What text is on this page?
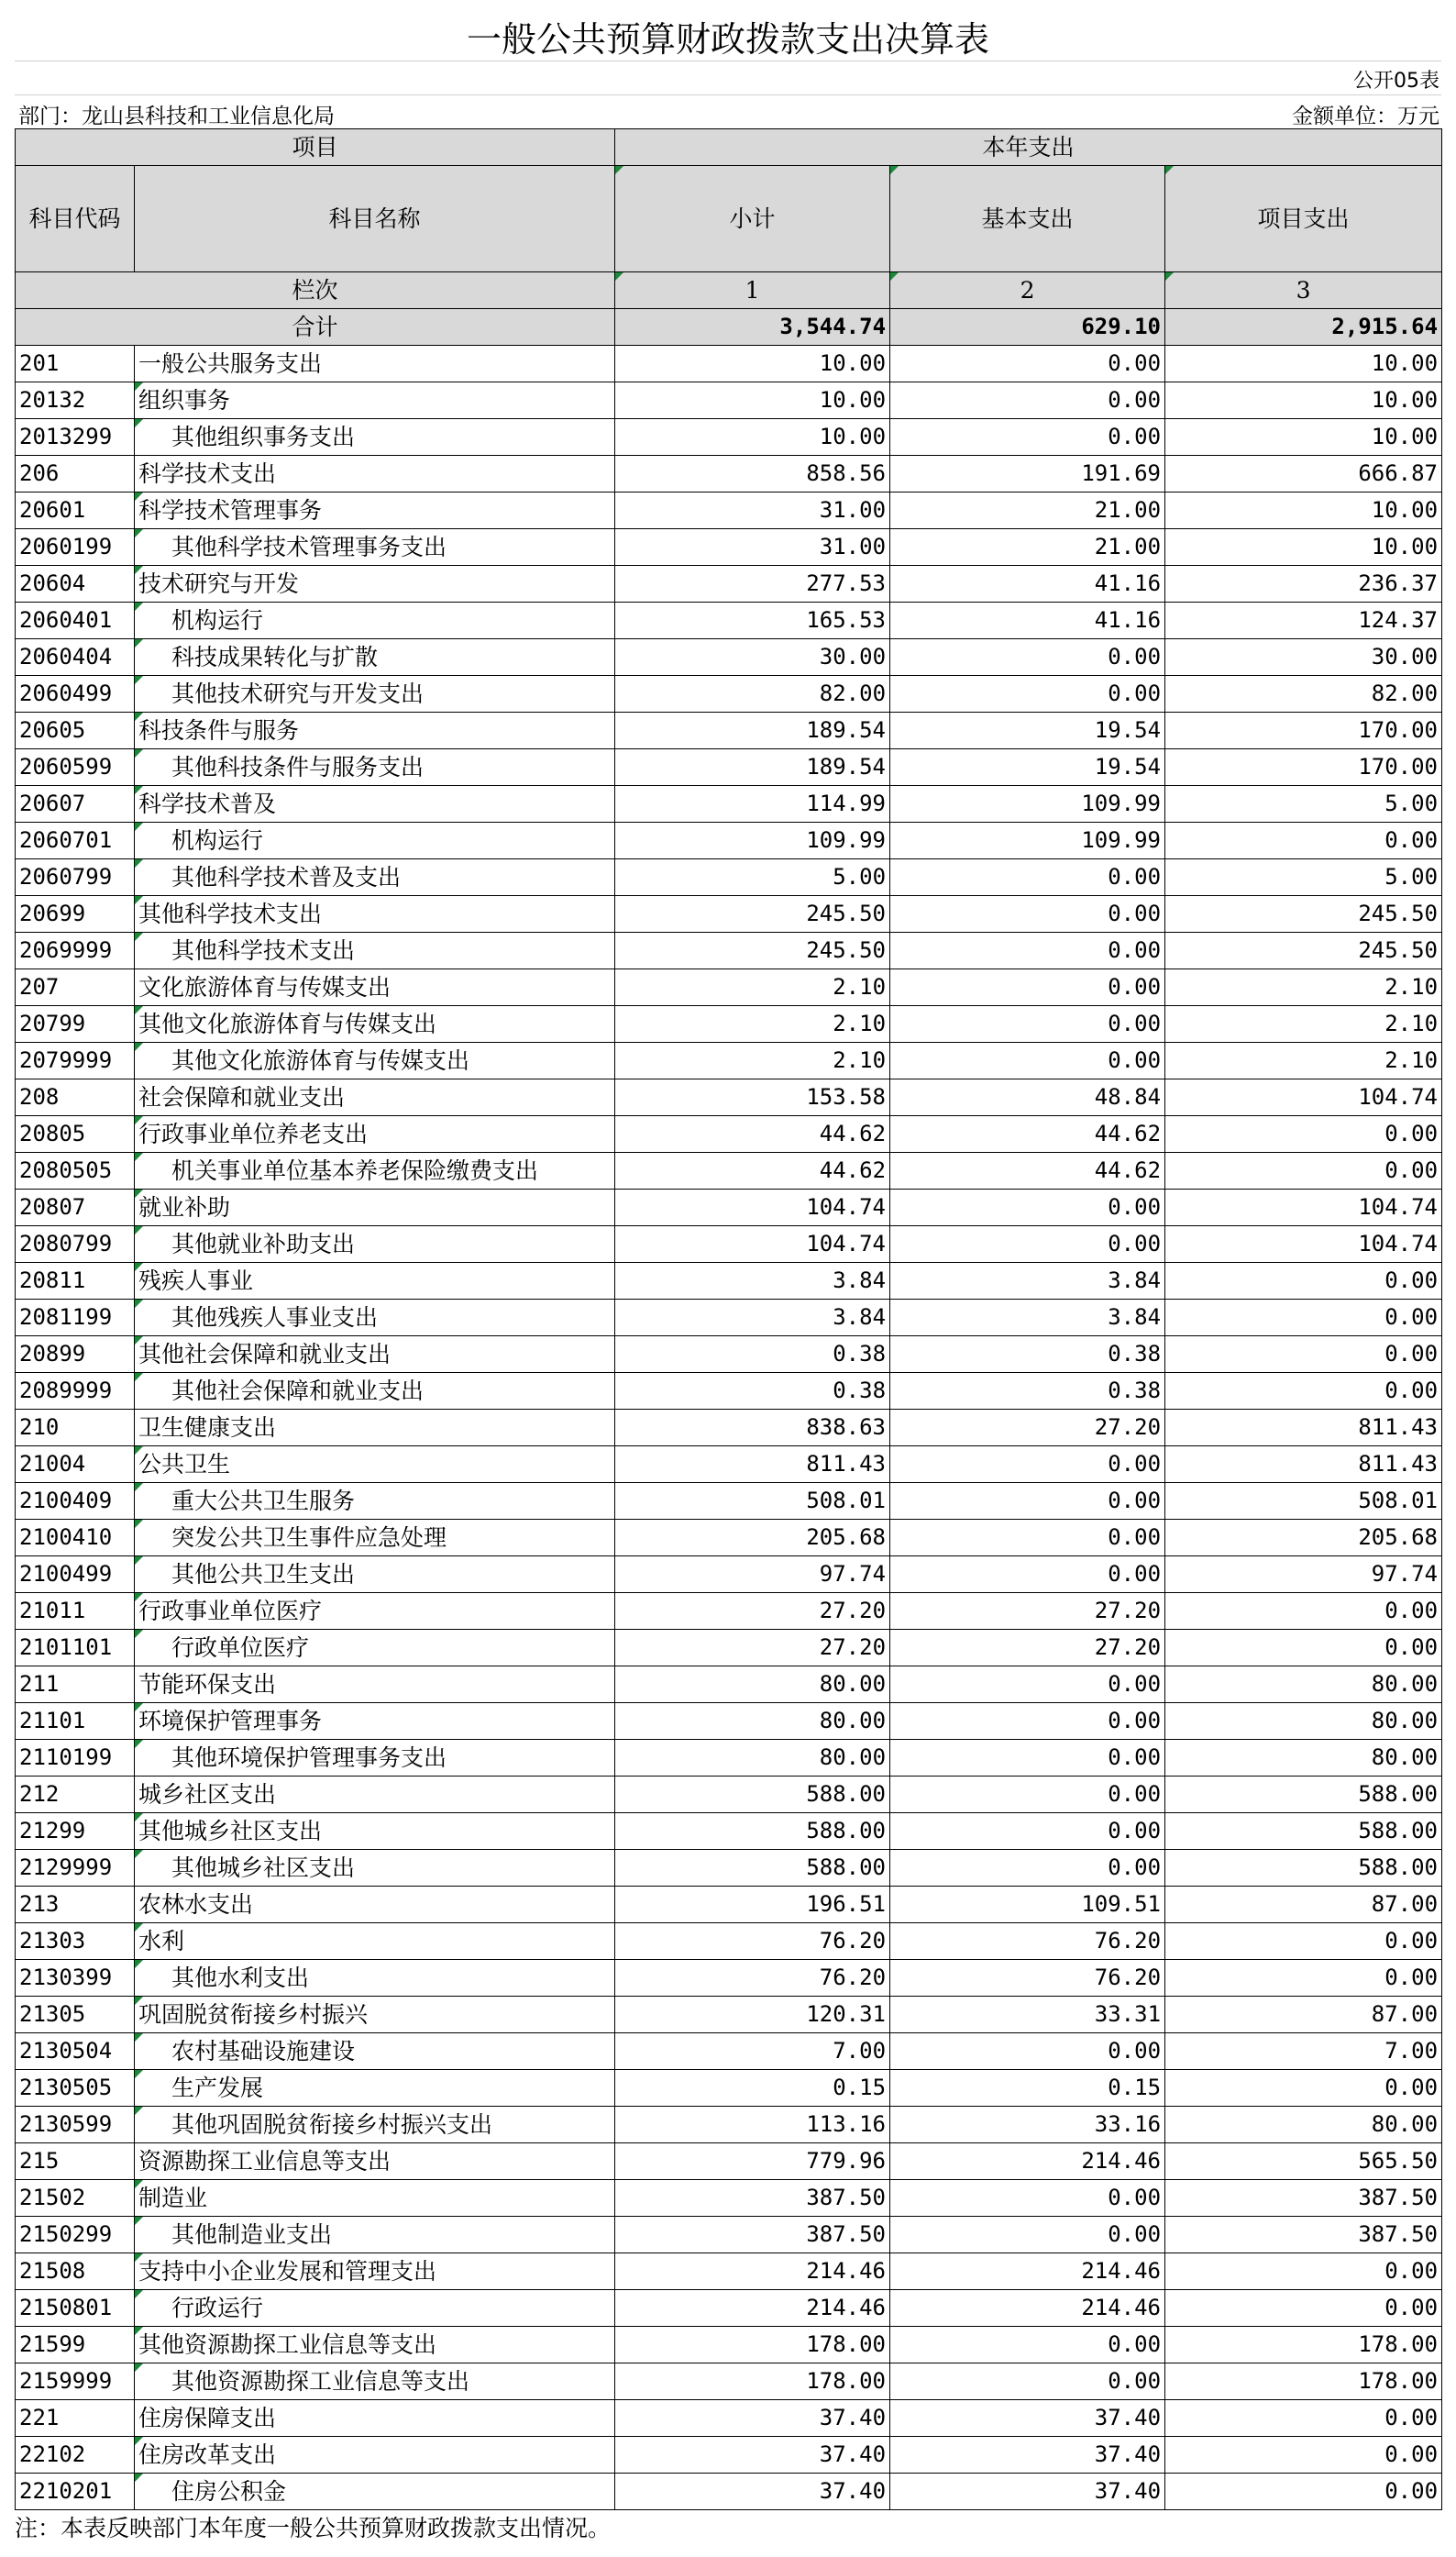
一般公共预算财政拨款支出决算表
公开05表
部门：龙山县科技和工业信息化局	金额单位：万元
项目		本年支出		
科目代码	科目名称	小计	基本支出	项目支出
栏次		1	2	3
合计		3,544.74	629.10	2,915.64
201	一般公共服务支出	10.00	0.00	10.00
20132	组织事务	10.00	0.00	10.00
2013299	其他组织事务支出	10.00	0.00	10.00
206	科学技术支出	858.56	191.69	666.87
20601	科学技术管理事务	31.00	21.00	10.00
2060199	其他科学技术管理事务支出	31.00	21.00	10.00
20604	技术研究与开发	277.53	41.16	236.37
2060401	机构运行	165.53	41.16	124.37
2060404	科技成果转化与扩散	30.00	0.00	30.00
2060499	其他技术研究与开发支出	82.00	0.00	82.00
20605	科技条件与服务	189.54	19.54	170.00
2060599	其他科技条件与服务支出	189.54	19.54	170.00
20607	科学技术普及	114.99	109.99	5.00
2060701	机构运行	109.99	109.99	0.00
2060799	其他科学技术普及支出	5.00	0.00	5.00
20699	其他科学技术支出	245.50	0.00	245.50
2069999	其他科学技术支出	245.50	0.00	245.50
207	文化旅游体育与传媒支出	2.10	0.00	2.10
20799	其他文化旅游体育与传媒支出	2.10	0.00	2.10
2079999	其他文化旅游体育与传媒支出	2.10	0.00	2.10
208	社会保障和就业支出	153.58	48.84	104.74
20805	行政事业单位养老支出	44.62	44.62	0.00
2080505	机关事业单位基本养老保险缴费支出	44.62	44.62	0.00
20807	就业补助	104.74	0.00	104.74
2080799	其他就业补助支出	104.74	0.00	104.74
20811	残疾人事业	3.84	3.84	0.00
2081199	其他残疾人事业支出	3.84	3.84	0.00
20899	其他社会保障和就业支出	0.38	0.38	0.00
2089999	其他社会保障和就业支出	0.38	0.38	0.00
210	卫生健康支出	838.63	27.20	811.43
21004	公共卫生	811.43	0.00	811.43
2100409	重大公共卫生服务	508.01	0.00	508.01
2100410	突发公共卫生事件应急处理	205.68	0.00	205.68
2100499	其他公共卫生支出	97.74	0.00	97.74
21011	行政事业单位医疗	27.20	27.20	0.00
2101101	行政单位医疗	27.20	27.20	0.00
211	节能环保支出	80.00	0.00	80.00
21101	环境保护管理事务	80.00	0.00	80.00
2110199	其他环境保护管理事务支出	80.00	0.00	80.00
212	城乡社区支出	588.00	0.00	588.00
21299	其他城乡社区支出	588.00	0.00	588.00
2129999	其他城乡社区支出	588.00	0.00	588.00
213	农林水支出	196.51	109.51	87.00
21303	水利	76.20	76.20	0.00
2130399	其他水利支出	76.20	76.20	0.00
21305	巩固脱贫衔接乡村振兴	120.31	33.31	87.00
2130504	农村基础设施建设	7.00	0.00	7.00
2130505	生产发展	0.15	0.15	0.00
2130599	其他巩固脱贫衔接乡村振兴支出	113.16	33.16	80.00
215	资源勘探工业信息等支出	779.96	214.46	565.50
21502	制造业	387.50	0.00	387.50
2150299	其他制造业支出	387.50	0.00	387.50
21508	支持中小企业发展和管理支出	214.46	214.46	0.00
2150801	行政运行	214.46	214.46	0.00
21599	其他资源勘探工业信息等支出	178.00	0.00	178.00
2159999	其他资源勘探工业信息等支出	178.00	0.00	178.00
221	住房保障支出	37.40	37.40	0.00
22102	住房改革支出	37.40	37.40	0.00
2210201	住房公积金	37.40	37.40	0.00
注：本表反映部门本年度一般公共预算财政拨款支出情况。
